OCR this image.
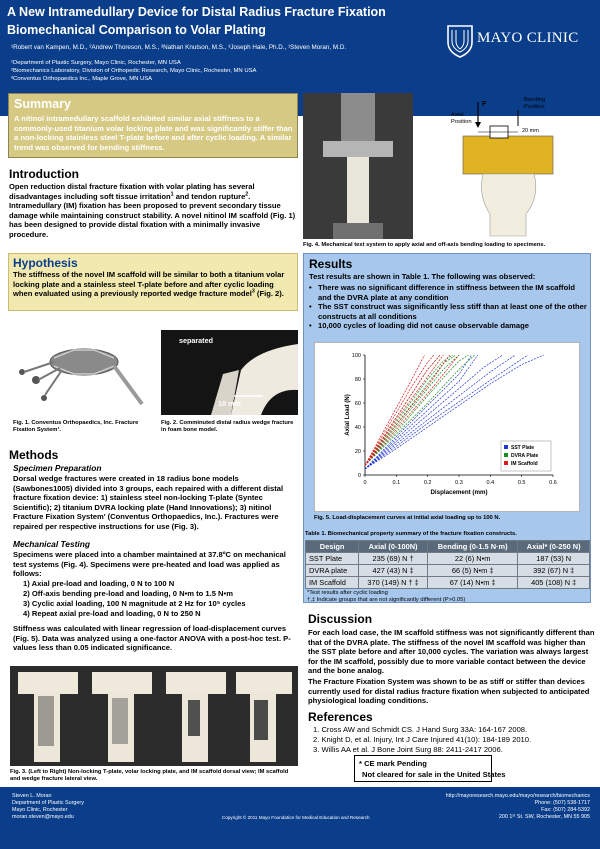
A New Intramedullary Device for Distal Radius Fracture Fixation
Biomechanical Comparison to Volar Plating
¹Robert van Kampen, M.D., ²Andrew Thoreson, M.S., ³Nathan Knutson, M.S., ³Joseph Hale, Ph.D., ¹Steven Moran, M.D.
¹Department of Plastic Surgery, Mayo Clinic, Rochester, MN USA
²Biomechanics Laboratory, Division of Orthopedic Research, Mayo Clinic, Rochester, MN USA
³Conventus Orthopaedics Inc., Maple Grove, MN USA
MAYO CLINIC
Summary
A nitinol intramedullary scaffold exhibited similar axial stiffness to a commonly-used titanium volar locking plate and was significantly stiffer than a non-locking stainless steel T-plate before and after cyclic loading. A similar trend was observed for bending stiffness.
F
Axial
Position
Bending
Position
20 mm
Fig. 4. Mechanical test system to apply axial and off-axis bending loading to specimens.
Introduction
Open reduction distal fracture fixation with volar plating has several disadvantages including soft tissue irritation$^1$ and tendon rupture$^2$. Intramedullary (IM) fixation has been proposed to prevent secondary tissue damage while maintaining construct stability. A novel nitinol IM scaffold (Fig. 1) has been designed to provide distal fixation with a minimally invasive procedure.
Hypothesis
The stiffness of the novel IM scaffold will be similar to both a titanium volar locking plate and a stainless steel T-plate before and after cyclic loading when evaluated using a previously reported wedge fracture model$^3$ (Fig. 2).
Fig. 1. Conventus Orthopaedics, Inc. Fracture Fixation System¹.
separated
10 mm
Fig. 2. Comminuted distal radius wedge fracture in foam bone model.
Methods
Specimen Preparation
Dorsal wedge fractures were created in 18 radius bone models (Sawbones1005) divided into 3 groups, each repaired with a different distal fracture fixation device: 1) stainless steel non-locking T-plate (Syntec Scientific); 2) titanium DVRA locking plate (Hand Innovations); 3) nitinol Fracture Fixation System' (Conventus Orthopaedics, Inc.). Fractures were repaired per respective instructions for use (Fig. 3).
Mechanical Testing
Specimens were placed into a chamber maintained at 37.8ºC on mechanical test systems (Fig. 4). Specimens were pre-heated and load was applied as follows:
1) Axial pre-load and loading, 0 N to 100 N
2) Off-axis bending pre-load and loading, 0 N•m to 1.5 N•m
3) Cyclic axial loading, 100 N magnitude at 2 Hz for 10⁵ cycles
4) Repeat axial pre-load and loading, 0 N to 250 N
Stiffness was calculated with linear regression of load-displacement curves (Fig. 5). Data was analyzed using a one-factor ANOVA with a post-hoc test. P-values less than 0.05 indicated significance.
Fig. 3. (Left to Right) Non-locking T-plate, volar locking plate, and IM scaffold dorsal view; IM scaffold and wedge fracture lateral view.
Results
Test results are shown in Table 1. The following was observed:
• There was no significant difference in stiffness between the IM scaffold and the DVRA plate at any condition
• The SST construct was significantly less stiff than at least one of the other constructs at all conditions
• 10,000 cycles of loading did not cause observable damage
0
20
40
60
80
100
0	0.1	0.2	0.3	0.4	0.5	0.6
Displacement (mm)
Axial Load (N)
SST Plate
DVRA Plate
IM Scaffold
Fig. 5. Load-displacement curves at initial axial loading up to 100 N.
Table 1. Biomechanical property summary of the fracture fixation constructs.
Design	Axial (0-100N)	Bending (0-1.5 N·m)	Axial* (0-250 N)
SST Plate	235 (69) N †	22 (6) N•m	187 (53) N
DVRA plate	427 (43) N ‡	66 (5) N•m ‡	392 (67) N ‡
IM Scaffold	370 (149) N † ‡	67 (14) N•m ‡	405 (108) N ‡
*Test results after cyclic loading
†,‡ Indicate groups that are not significantly different (P>0.05)
Discussion
For each load case, the IM scaffold stiffness was not significantly different than that of the DVRA plate. The stiffness of the novel IM scaffold was higher than the SST plate before and after 10,000 cycles. The variation was always largest for the IM scaffold, possibly due to more variable contact between the device and the bone analog.
The Fracture Fixation System was shown to be as stiff or stiffer than devices currently used for distal radius fracture fixation when subjected to anticipated physiological loading conditions.
References
1. Cross AW and Schmidt CS. J Hand Surg 33A: 164-167 2008.
2. Knight D, et al. Injury, Int J Care Injured 41(10): 184-189 2010.
3. Willis AA et al. J Bone Joint Surg 88: 2411-2417 2006.
* CE mark Pending
Not cleared for sale in the United States
Steven L. Moran
Department of Plastic Surgery
Mayo Clinic, Rochester
moran.steven@mayo.edu	Copyright © 2011 Mayo Foundation for Medical Education and Research
http://mayoresearch.mayo.edu/mayo/research/biomechanics
Phone: (507) 538-1717
Fax: (507) 284-5392
200 1ˢᵗ St. SW, Rochester, MN 55 905
